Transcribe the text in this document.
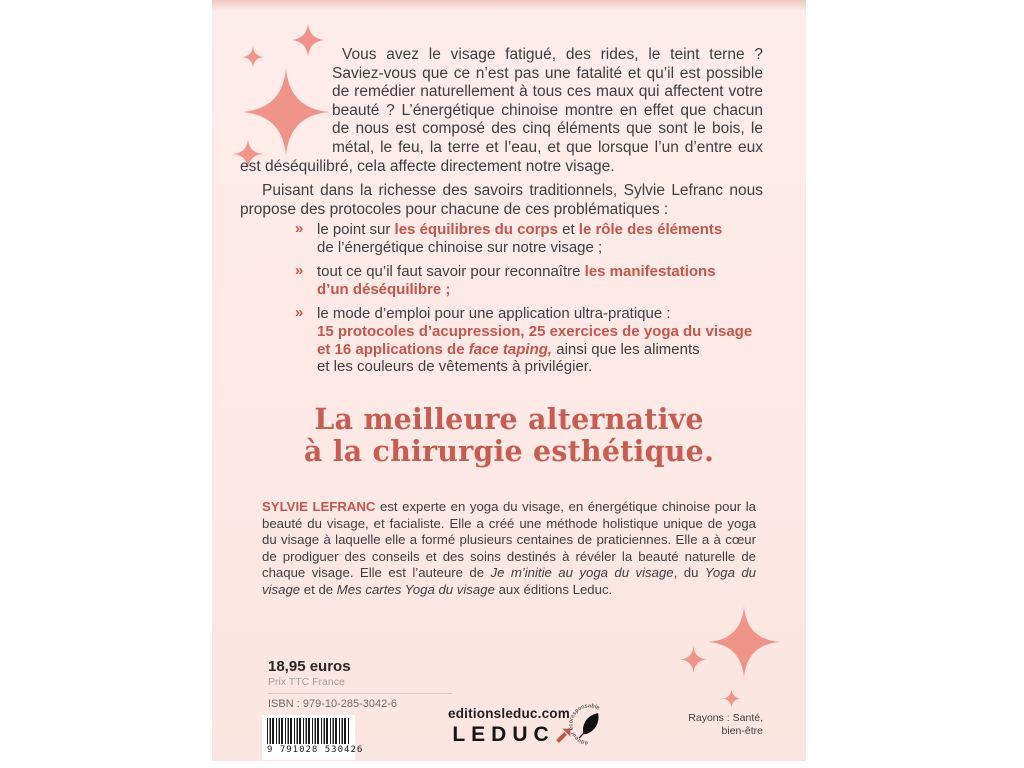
Vous avez le visage fatigué, des rides, le teint terne ? Saviez-vous que ce n’est pas une fatalité et qu’il est possible de remédier naturellement à tous ces maux qui affectent votre beauté ? L’énergétique chinoise montre en effet que chacun de nous est composé des cinq éléments que sont le bois, le métal, le feu, la terre et l’eau, et que lorsque l’un d’entre eux est déséquilibré, cela affecte directement notre visage.

Puisant dans la richesse des savoirs traditionnels, Sylvie Lefranc nous propose des protocoles pour chacune de ces problématiques :

» le point sur les équilibres du corps et le rôle des éléments
de l’énergétique chinoise sur notre visage ;
» tout ce qu’il faut savoir pour reconnaître les manifestations
d’un déséquilibre ;
» le mode d’emploi pour une application ultra-pratique :
15 protocoles d’acupression, 25 exercices de yoga du visage
et 16 applications de face taping, ainsi que les aliments
et les couleurs de vêtements à privilégier.
La meilleure alternative
à la chirurgie esthétique.

SYLVIE LEFRANC est experte en yoga du visage, en énergétique chinoise pour la beauté du visage, et facialiste. Elle a créé une méthode holistique unique de yoga du visage à laquelle elle a formé plusieurs centaines de praticiennes. Elle a à cœur de prodiguer des conseils et des soins destinés à révéler la beauté naturelle de chaque visage. Elle est l’auteure de Je m’initie au yoga du visage, du Yoga du visage et de Mes cartes Yoga du visage aux éditions Leduc.

18,95 euros
Prix TTC France
ISBN : 979-10-285-3042-6
9 791028 530426
editionsleduc.com
LEDUC	éditeur écoresponsable
Rayons : Santé,
bien-être
